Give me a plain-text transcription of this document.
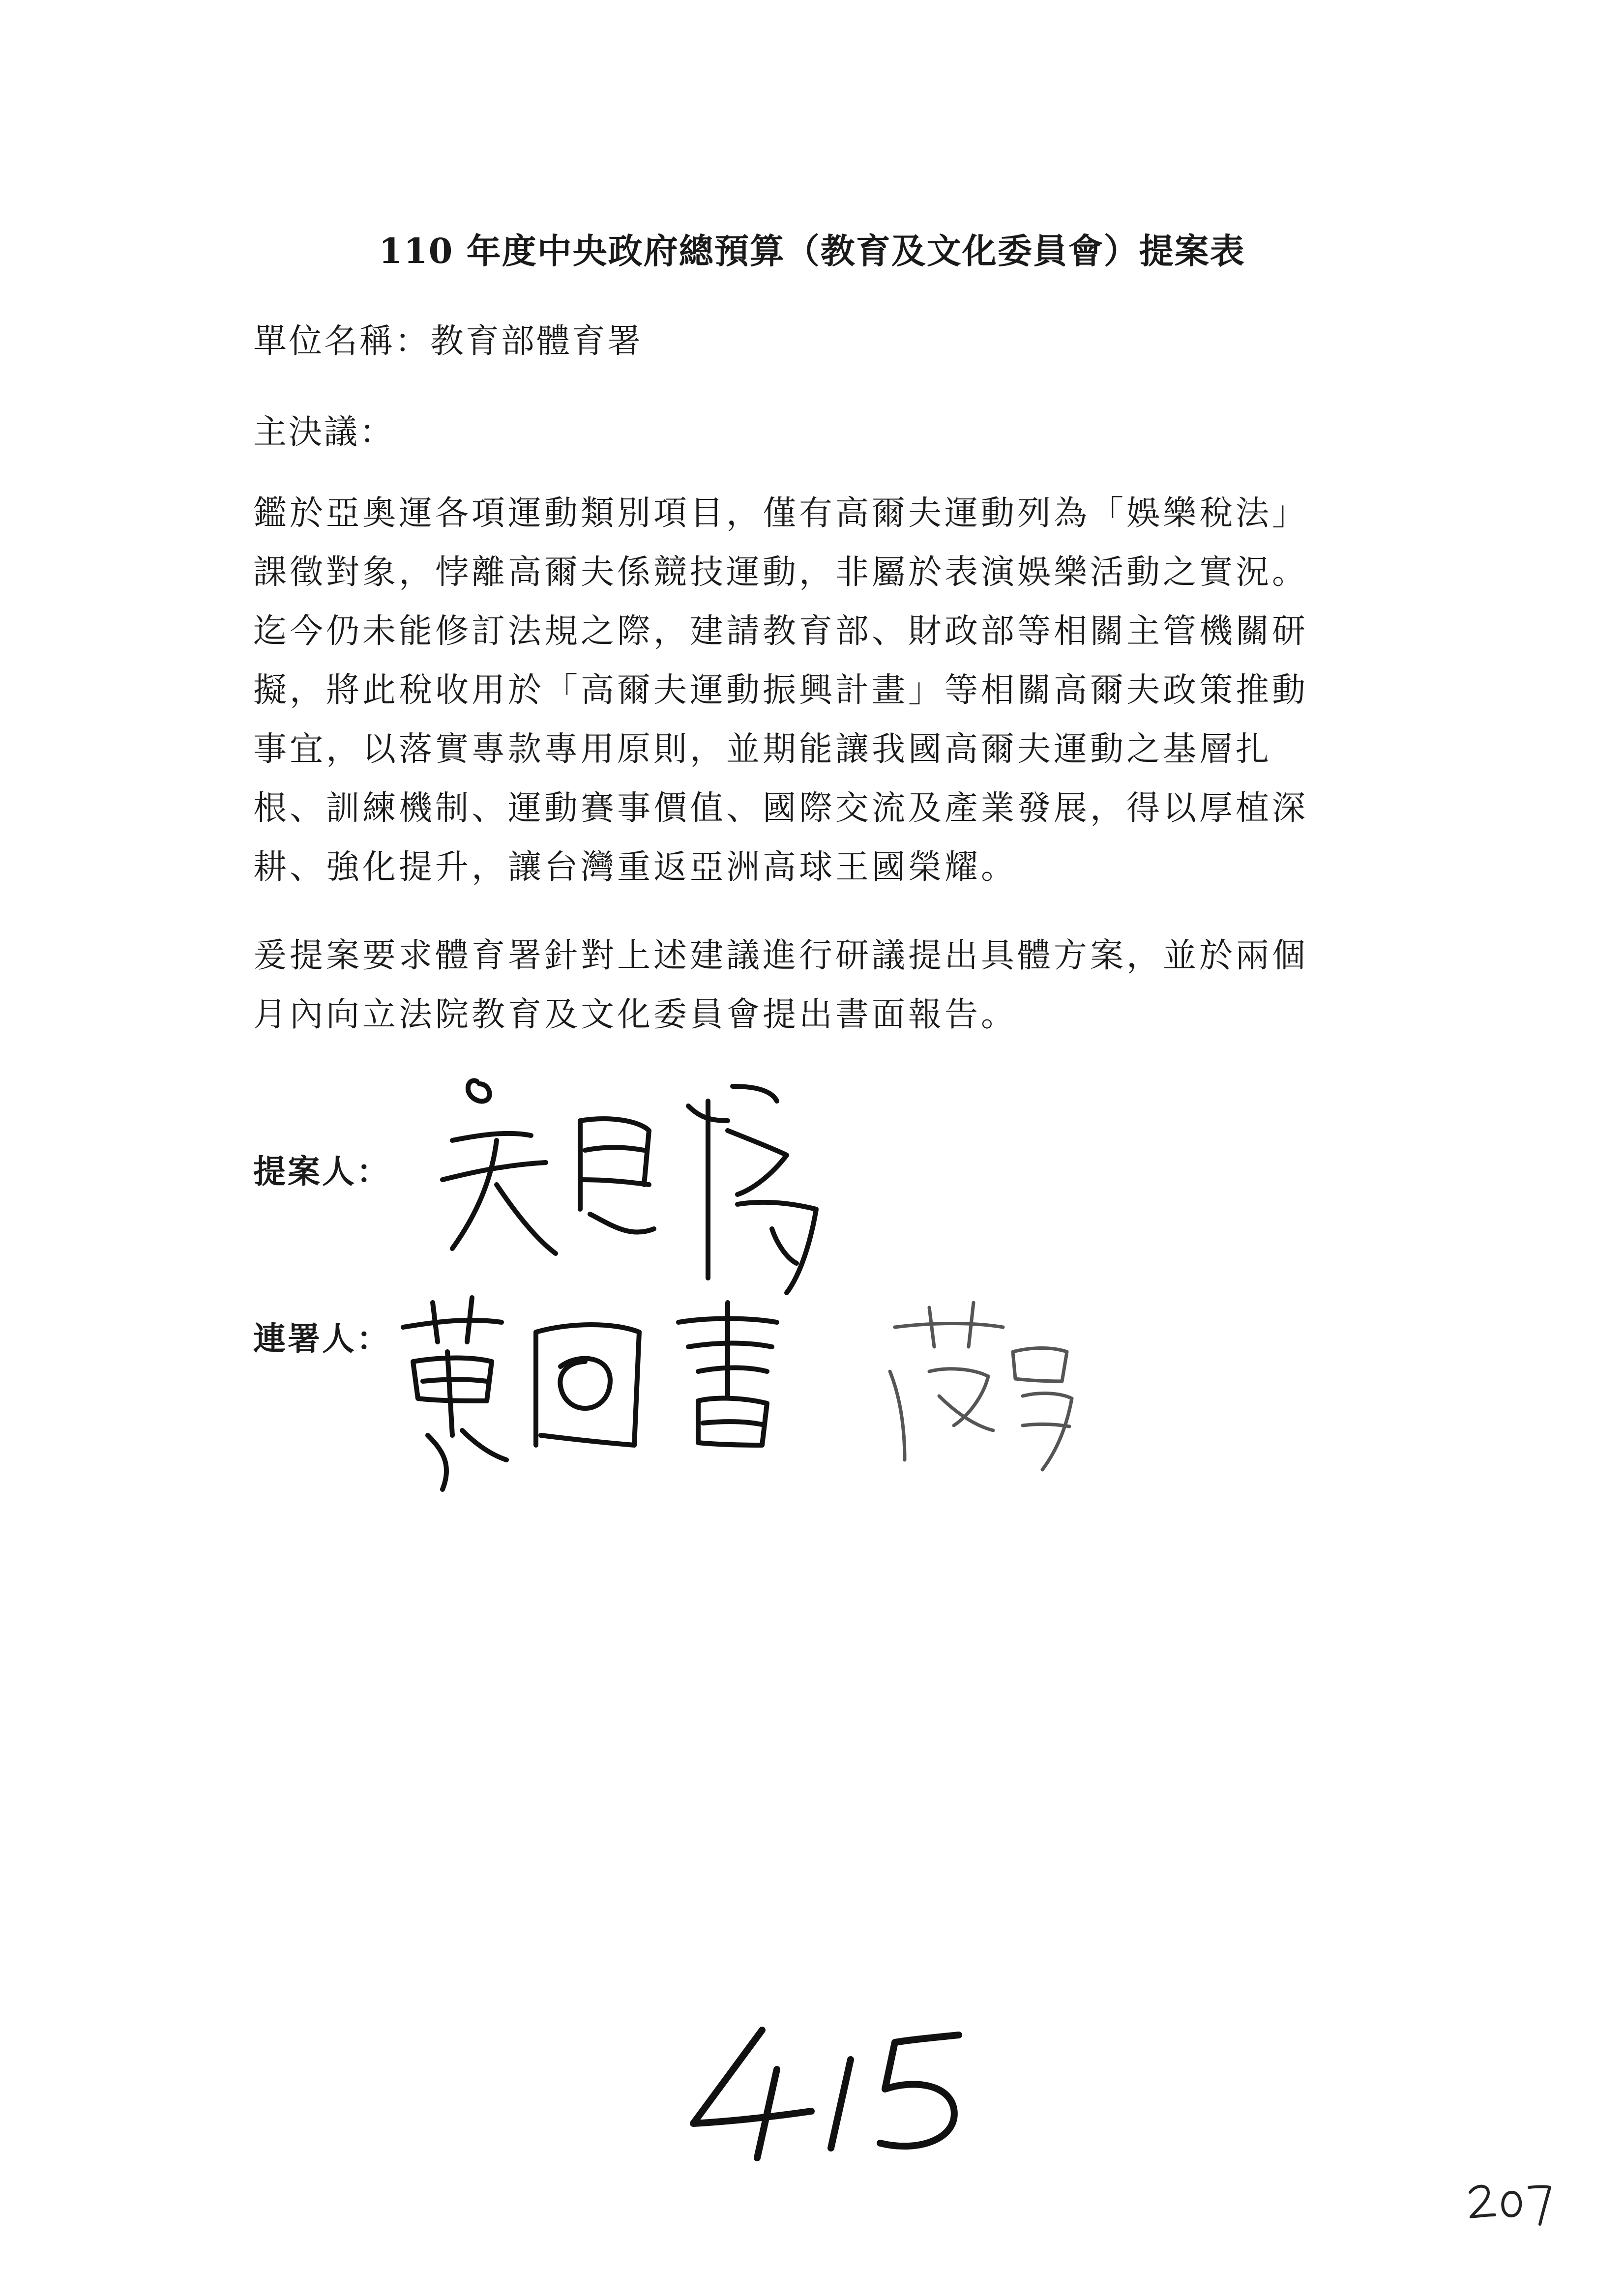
110 年度中央政府總預算（教育及文化委員會）提案表
單位名稱：教育部體育署
主決議：
鑑於亞奧運各項運動類別項目，僅有高爾夫運動列為「娛樂稅法」
課徵對象，悖離高爾夫係競技運動，非屬於表演娛樂活動之實況。
迄今仍未能修訂法規之際，建請教育部、財政部等相關主管機關研
擬，將此稅收用於「高爾夫運動振興計畫」等相關高爾夫政策推動
事宜，以落實專款專用原則，並期能讓我國高爾夫運動之基層扎
根、訓練機制、運動賽事價值、國際交流及產業發展，得以厚植深
耕、強化提升，讓台灣重返亞洲高球王國榮耀。
爰提案要求體育署針對上述建議進行研議提出具體方案，並於兩個
月內向立法院教育及文化委員會提出書面報告。
提案人：
連署人：
